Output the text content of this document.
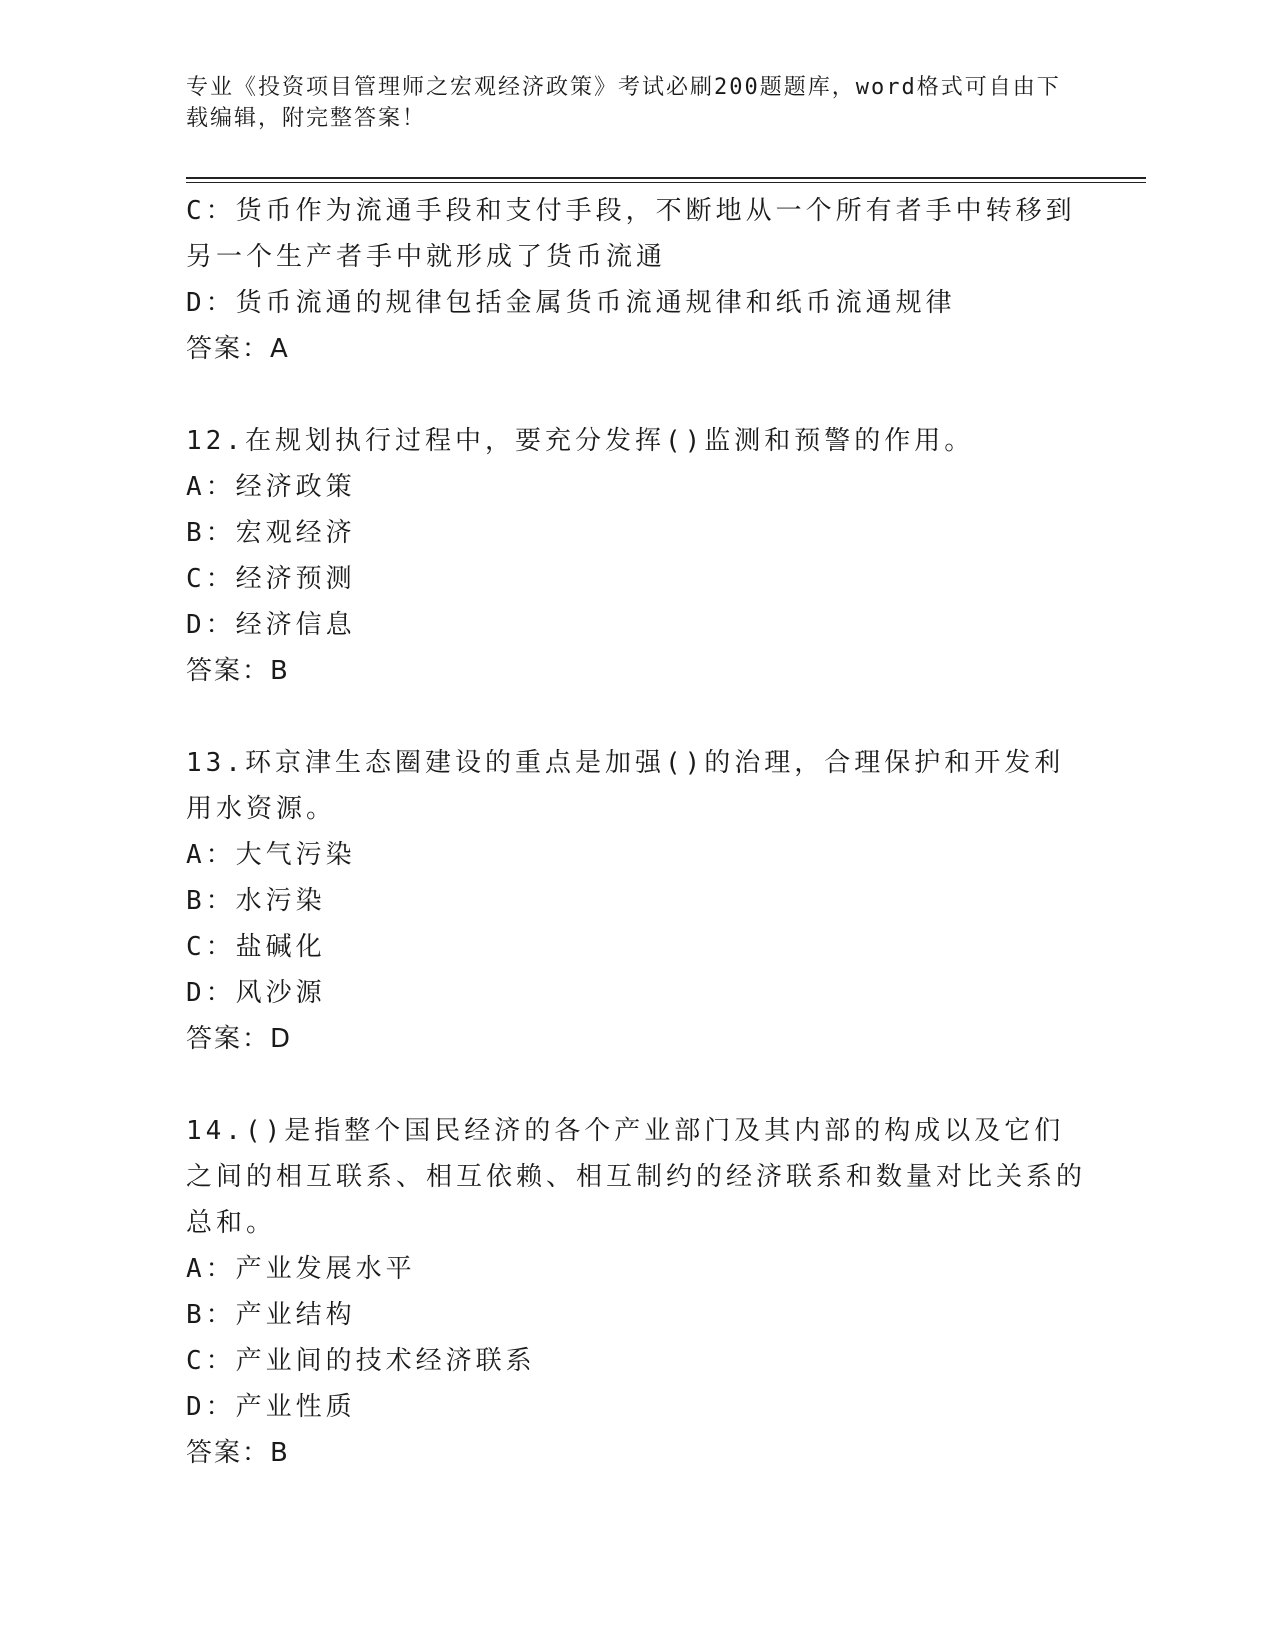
专业《投资项目管理师之宏观经济政策》考试必刷200题题库，word格式可自由下载编辑，附完整答案！
C：货币作为流通手段和支付手段，不断地从一个所有者手中转移到另一个生产者手中就形成了货币流通
D：货币流通的规律包括金属货币流通规律和纸币流通规律
答案：A
12.在规划执行过程中，要充分发挥()监测和预警的作用。
A：经济政策
B：宏观经济
C：经济预测
D：经济信息
答案：B
13.环京津生态圈建设的重点是加强()的治理，合理保护和开发利用水资源。
A：大气污染
B：水污染
C：盐碱化
D：风沙源
答案：D
14.()是指整个国民经济的各个产业部门及其内部的构成以及它们之间的相互联系、相互依赖、相互制约的经济联系和数量对比关系的总和。
A：产业发展水平
B：产业结构
C：产业间的技术经济联系
D：产业性质
答案：B
